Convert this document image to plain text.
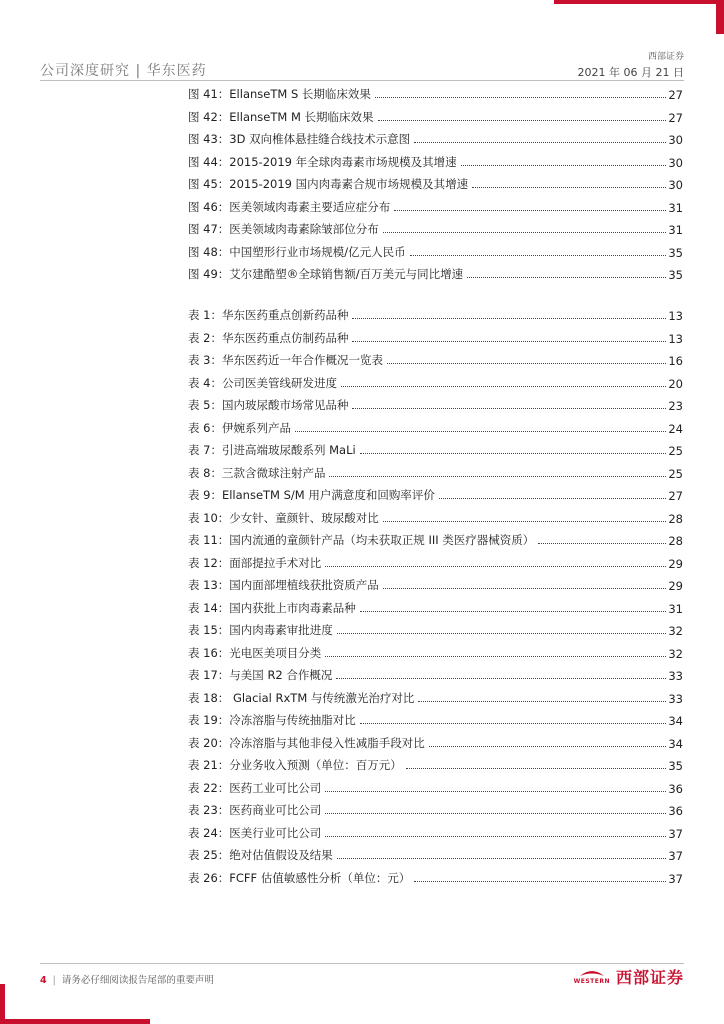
公司深度研究 | 华东医药
西部证券
2021 年 06 月 21 日
图 41：EllanseTM S 长期临床效果	27
图 42：EllanseTM M 长期临床效果	27
图 43：3D 双向椎体悬挂缝合线技术示意图	30
图 44：2015-2019 年全球肉毒素市场规模及其增速	30
图 45：2015-2019 国内肉毒素合规市场规模及其增速	30
图 46：医美领域肉毒素主要适应症分布	31
图 47：医美领域肉毒素除皱部位分布	31
图 48：中国塑形行业市场规模/亿元人民币	35
图 49：艾尔建酷塑®全球销售额/百万美元与同比增速	35
表 1：华东医药重点创新药品种	13
表 2：华东医药重点仿制药品种	13
表 3：华东医药近一年合作概况一览表	16
表 4：公司医美管线研发进度	20
表 5：国内玻尿酸市场常见品种	23
表 6：伊婉系列产品	24
表 7：引进高端玻尿酸系列 MaLi	25
表 8：三款含微球注射产品	25
表 9：EllanseTM S/M 用户满意度和回购率评价	27
表 10：少女针、童颜针、玻尿酸对比	28
表 11：国内流通的童颜针产品（均未获取正规 III 类医疗器械资质）	28
表 12：面部提拉手术对比	29
表 13：国内面部埋植线获批资质产品	29
表 14：国内获批上市肉毒素品种	31
表 15：国内肉毒素审批进度	32
表 16：光电医美项目分类	32
表 17：与美国 R2 合作概况	33
表 18： Glacial RxTM 与传统激光治疗对比	33
表 19：冷冻溶脂与传统抽脂对比	34
表 20：冷冻溶脂与其他非侵入性减脂手段对比	34
表 21：分业务收入预测（单位：百万元）	35
表 22：医药工业可比公司	36
表 23：医药商业可比公司	36
表 24：医美行业可比公司	37
表 25：绝对估值假设及结果	37
表 26：FCFF 估值敏感性分析（单位：元）	37
4 | 请务必仔细阅读报告尾部的重要声明	WESTERN 西部证券
